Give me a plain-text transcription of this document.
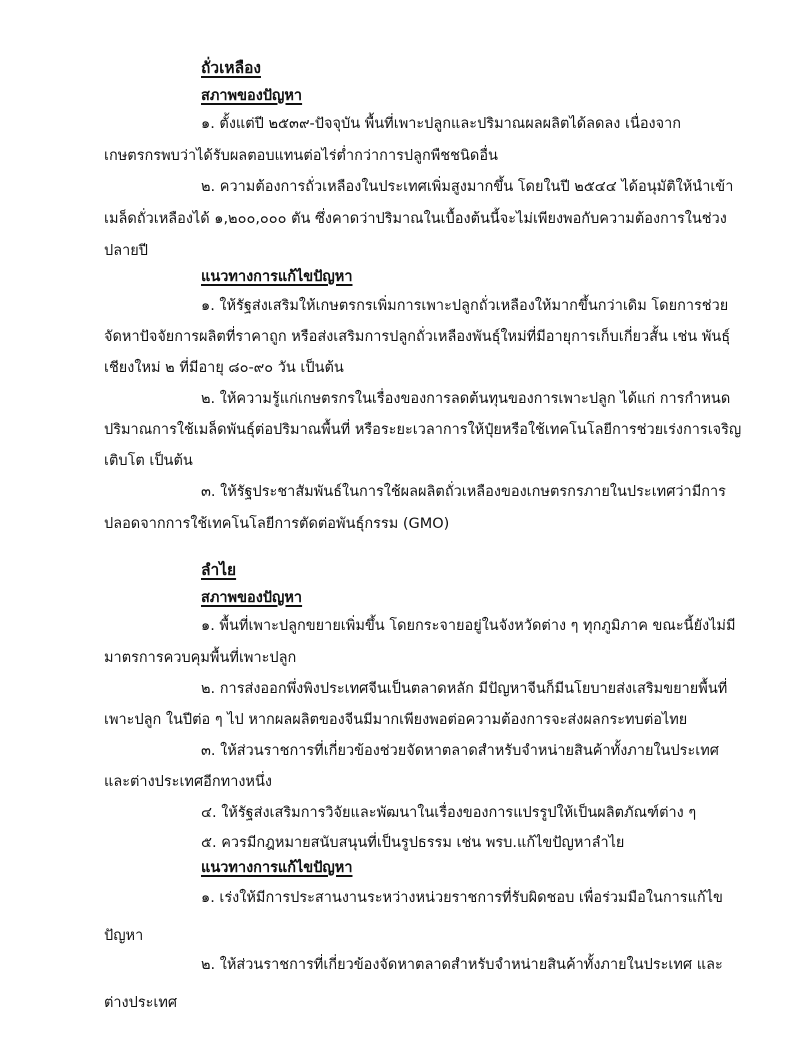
ถั่วเหลือง
สภาพของปัญหา
๑. ตั้งแต่ปี ๒๕๓๙-ปัจจุบัน พื้นที่เพาะปลูกและปริมาณผลผลิตได้ลดลง เนื่องจาก
เกษตรกรพบว่าได้รับผลตอบแทนต่อไร่ต่ำกว่าการปลูกพืชชนิดอื่น
๒. ความต้องการถั่วเหลืองในประเทศเพิ่มสูงมากขึ้น โดยในปี ๒๕๔๔ ได้อนุมัติให้นำเข้า
เมล็ดถั่วเหลืองได้ ๑,๒๐๐,๐๐๐ ตัน ซึ่งคาดว่าปริมาณในเบื้องต้นนี้จะไม่เพียงพอกับความต้องการในช่วง
ปลายปี
แนวทางการแก้ไขปัญหา
๑. ให้รัฐส่งเสริมให้เกษตรกรเพิ่มการเพาะปลูกถั่วเหลืองให้มากขึ้นกว่าเดิม โดยการช่วย
จัดหาปัจจัยการผลิตที่ราคาถูก หรือส่งเสริมการปลูกถั่วเหลืองพันธุ์ใหม่ที่มีอายุการเก็บเกี่ยวสั้น เช่น พันธุ์
เชียงใหม่ ๒ ที่มีอายุ ๘๐-๙๐ วัน เป็นต้น
๒. ให้ความรู้แก่เกษตรกรในเรื่องของการลดต้นทุนของการเพาะปลูก ได้แก่ การกำหนด
ปริมาณการใช้เมล็ดพันธุ์ต่อปริมาณพื้นที่ หรือระยะเวลาการให้ปุ๋ยหรือใช้เทคโนโลยีการช่วยเร่งการเจริญ
เติบโต เป็นต้น
๓. ให้รัฐประชาสัมพันธ์ในการใช้ผลผลิตถั่วเหลืองของเกษตรกรภายในประเทศว่ามีการ
ปลอดจากการใช้เทคโนโลยีการตัดต่อพันธุ์กรรม (GMO)
ลำไย
สภาพของปัญหา
๑. พื้นที่เพาะปลูกขยายเพิ่มขึ้น โดยกระจายอยู่ในจังหวัดต่าง ๆ ทุกภูมิภาค ขณะนี้ยังไม่มี
มาตรการควบคุมพื้นที่เพาะปลูก
๒. การส่งออกพึ่งพิงประเทศจีนเป็นตลาดหลัก มีปัญหาจีนก็มีนโยบายส่งเสริมขยายพื้นที่
เพาะปลูก ในปีต่อ ๆ ไป หากผลผลิตของจีนมีมากเพียงพอต่อความต้องการจะส่งผลกระทบต่อไทย
๓. ให้ส่วนราชการที่เกี่ยวข้องช่วยจัดหาตลาดสำหรับจำหน่ายสินค้าทั้งภายในประเทศ
และต่างประเทศอีกทางหนึ่ง
๔. ให้รัฐส่งเสริมการวิจัยและพัฒนาในเรื่องของการแปรรูปให้เป็นผลิตภัณฑ์ต่าง ๆ
๕. ควรมีกฎหมายสนับสนุนที่เป็นรูปธรรม เช่น พรบ.แก้ไขปัญหาลำไย
แนวทางการแก้ไขปัญหา
๑. เร่งให้มีการประสานงานระหว่างหน่วยราชการที่รับผิดชอบ เพื่อร่วมมือในการแก้ไข
ปัญหา
๒. ให้ส่วนราชการที่เกี่ยวข้องจัดหาตลาดสำหรับจำหน่ายสินค้าทั้งภายในประเทศ และ
ต่างประเทศ
